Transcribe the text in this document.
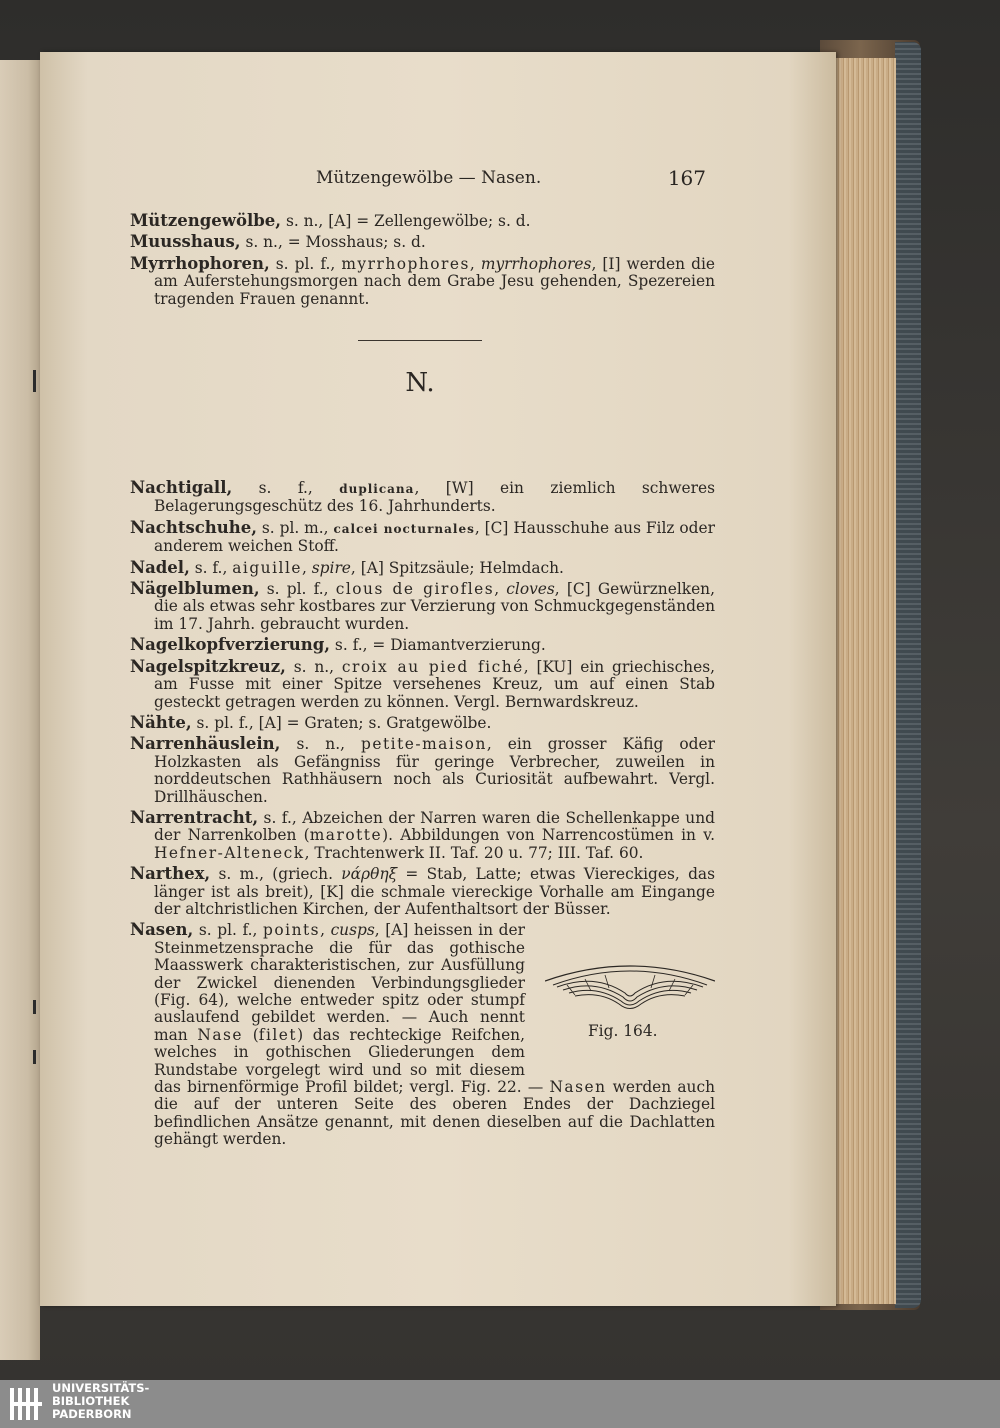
Mützengewölbe — Nasen.	167

Mützengewölbe, s. n., [A] = Zellengewölbe; s. d.

Muusshaus, s. n., = Mosshaus; s. d.

Myrrhophoren, s. pl. f., myrrhophores, myrrhophores, [I] werden die am Auferstehungsmorgen nach dem Grabe Jesu gehenden, Spezereien tragenden Frauen genannt.

Nachtigall, s. f., duplicana, [W] ein ziemlich schweres Belagerungsgeschütz des 16. Jahrhunderts.

Nachtschuhe, s. pl. m., calcei nocturnales, [C] Hausschuhe aus Filz oder anderem weichen Stoff.

Nadel, s. f., aiguille, spire, [A] Spitzsäule; Helmdach.

Nägelblumen, s. pl. f., clous de girofles, cloves, [C] Gewürznelken, die als etwas sehr kostbares zur Verzierung von Schmuckgegenständen im 17. Jahrh. gebraucht wurden.

Nagelkopfverzierung, s. f., = Diamantverzierung.

Nagelspitzkreuz, s. n., croix au pied fiché, [KU] ein griechisches, am Fusse mit einer Spitze versehenes Kreuz, um auf einen Stab gesteckt getragen werden zu können. Vergl. Bernwardskreuz.

Nähte, s. pl. f., [A] = Graten; s. Gratgewölbe.

Narrenhäuslein, s. n., petite-maison, ein grosser Käfig oder Holzkasten als Gefängniss für geringe Verbrecher, zuweilen in norddeutschen Rathhäusern noch als Curiosität aufbewahrt. Vergl. Drillhäuschen.

Narrentracht, s. f., Abzeichen der Narren waren die Schellenkappe und der Narrenkolben (marotte). Abbildungen von Narrencostümen in v. Hefner-Alteneck, Trachtenwerk II. Taf. 20 u. 77; III. Taf. 60.

Narthex, s. m., (griech. νάρθηξ = Stab, Latte; etwas Viereckiges, das länger ist als breit), [K] die schmale viereckige Vorhalle am Eingange der altchristlichen Kirchen, der Aufenthaltsort der Büsser.

Nasen, s. pl. f., points, cusps, [A] heissen in der Steinmetzensprache die für das gothische Maasswerk charakteristischen, zur Ausfüllung der Zwickel dienenden Verbindungsglieder (Fig. 64), welche entweder spitz oder stumpf auslaufend gebildet werden. — Auch nennt man Nase (filet) das rechteckige Reifchen, welches in gothischen Gliederungen dem Rundstabe vorgelegt wird und so mit diesem das birnenförmige Profil bildet; vergl. Fig. 22. — Nasen werden auch die auf der unteren Seite des oberen Endes der Dachziegel befindlichen Ansätze genannt, mit denen dieselben auf die Dachlatten gehängt werden.

N.
Fig. 164.
UNIVERSITÄTS-
BIBLIOTHEK
PADERBORN
